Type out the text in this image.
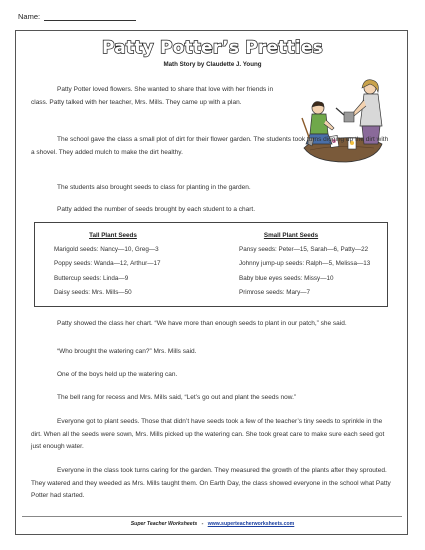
Name:
Patty Potter’s Pretties
Math Story by Claudette J. Young
Patty Potter loved flowers. She wanted to share that love with her friends in class. Patty talked with her teacher, Mrs. Mills. They came up with a plan.
The school gave the class a small plot of dirt for their flower garden. The students took turns digging up the dirt with a shovel. They added mulch to make the dirt healthy.
The students also brought seeds to class for planting in the garden.
Patty added the number of seeds brought by each student to a chart.
Tall Plant Seeds
Marigold seeds: Nancy—10, Greg—3
Poppy seeds: Wanda—12, Arthur—17
Buttercup seeds: Linda—9
Daisy seeds: Mrs. Mills—50
Small Plant Seeds
Pansy seeds: Peter—15, Sarah—6, Patty—22
Johnny jump-up seeds: Ralph—5, Melissa—13
Baby blue eyes seeds: Missy—10
Primrose seeds: Mary—7
Patty showed the class her chart. “We have more than enough seeds to plant in our patch,” she said.
“Who brought the watering can?” Mrs. Mills said.
One of the boys held up the watering can.
The bell rang for recess and Mrs. Mills said, “Let’s go out and plant the seeds now.”
Everyone got to plant seeds. Those that didn’t have seeds took a few of the teacher’s tiny seeds to sprinkle in the dirt. When all the seeds were sown, Mrs. Mills picked up the watering can. She took great care to make sure each seed got just enough water.
Everyone in the class took turns caring for the garden. They measured the growth of the plants after they sprouted. They watered and they weeded as Mrs. Mills taught them. On Earth Day, the class showed everyone in the school what Patty Potter had started.
Super Teacher Worksheets - www.superteacherworksheets.com
